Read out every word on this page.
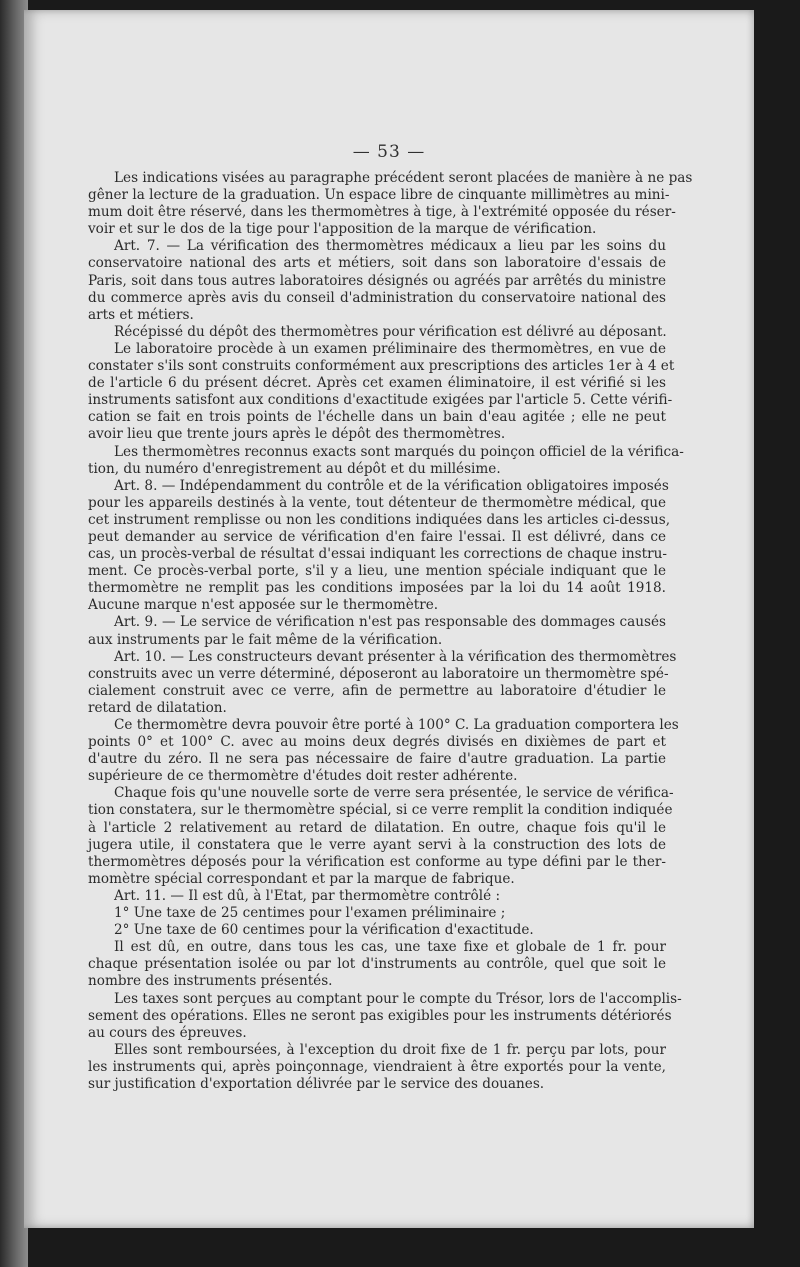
— 53 —
Les indications visées au paragraphe précédent seront placées de manière à ne pas
gêner la lecture de la graduation. Un espace libre de cinquante millimètres au mini-
mum doit être réservé, dans les thermomètres à tige, à l'extrémité opposée du réser-
voir et sur le dos de la tige pour l'apposition de la marque de vérification.
Art. 7. — La vérification des thermomètres médicaux a lieu par les soins du
conservatoire national des arts et métiers, soit dans son laboratoire d'essais de
Paris, soit dans tous autres laboratoires désignés ou agréés par arrêtés du ministre
du commerce après avis du conseil d'administration du conservatoire national des
arts et métiers.
Récépissé du dépôt des thermomètres pour vérification est délivré au déposant.
Le laboratoire procède à un examen préliminaire des thermomètres, en vue de
constater s'ils sont construits conformément aux prescriptions des articles 1er à 4 et
de l'article 6 du présent décret. Après cet examen éliminatoire, il est vérifié si les
instruments satisfont aux conditions d'exactitude exigées par l'article 5. Cette vérifi-
cation se fait en trois points de l'échelle dans un bain d'eau agitée ; elle ne peut
avoir lieu que trente jours après le dépôt des thermomètres.
Les thermomètres reconnus exacts sont marqués du poinçon officiel de la vérifica-
tion, du numéro d'enregistrement au dépôt et du millésime.
Art. 8. — Indépendamment du contrôle et de la vérification obligatoires imposés
pour les appareils destinés à la vente, tout détenteur de thermomètre médical, que
cet instrument remplisse ou non les conditions indiquées dans les articles ci-dessus,
peut demander au service de vérification d'en faire l'essai. Il est délivré, dans ce
cas, un procès-verbal de résultat d'essai indiquant les corrections de chaque instru-
ment. Ce procès-verbal porte, s'il y a lieu, une mention spéciale indiquant que le
thermomètre ne remplit pas les conditions imposées par la loi du 14 août 1918.
Aucune marque n'est apposée sur le thermomètre.
Art. 9. — Le service de vérification n'est pas responsable des dommages causés
aux instruments par le fait même de la vérification.
Art. 10. — Les constructeurs devant présenter à la vérification des thermomètres
construits avec un verre déterminé, déposeront au laboratoire un thermomètre spé-
cialement construit avec ce verre, afin de permettre au laboratoire d'étudier le
retard de dilatation.
Ce thermomètre devra pouvoir être porté à 100° C. La graduation comportera les
points 0° et 100° C. avec au moins deux degrés divisés en dixièmes de part et
d'autre du zéro. Il ne sera pas nécessaire de faire d'autre graduation. La partie
supérieure de ce thermomètre d'études doit rester adhérente.
Chaque fois qu'une nouvelle sorte de verre sera présentée, le service de vérifica-
tion constatera, sur le thermomètre spécial, si ce verre remplit la condition indiquée
à l'article 2 relativement au retard de dilatation. En outre, chaque fois qu'il le
jugera utile, il constatera que le verre ayant servi à la construction des lots de
thermomètres déposés pour la vérification est conforme au type défini par le ther-
momètre spécial correspondant et par la marque de fabrique.
Art. 11. — Il est dû, à l'Etat, par thermomètre contrôlé :
1° Une taxe de 25 centimes pour l'examen préliminaire ;
2° Une taxe de 60 centimes pour la vérification d'exactitude.
Il est dû, en outre, dans tous les cas, une taxe fixe et globale de 1 fr. pour
chaque présentation isolée ou par lot d'instruments au contrôle, quel que soit le
nombre des instruments présentés.
Les taxes sont perçues au comptant pour le compte du Trésor, lors de l'accomplis-
sement des opérations. Elles ne seront pas exigibles pour les instruments détériorés
au cours des épreuves.
Elles sont remboursées, à l'exception du droit fixe de 1 fr. perçu par lots, pour
les instruments qui, après poinçonnage, viendraient à être exportés pour la vente,
sur justification d'exportation délivrée par le service des douanes.
